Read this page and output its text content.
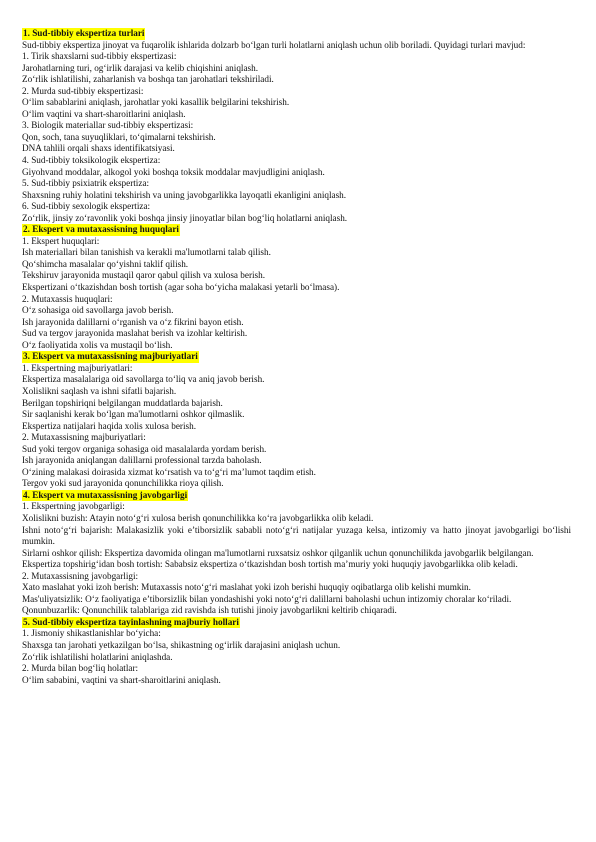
1. Sud-tibbiy ekspertiza turlari
Sud-tibbiy ekspertiza jinoyat va fuqarolik ishlarida dolzarb bo‘lgan turli holatlarni aniqlash uchun olib boriladi. Quyidagi turlari mavjud:
1. Tirik shaxslarni sud-tibbiy ekspertizasi:
Jarohatlarning turi, og‘irlik darajasi va kelib chiqishini aniqlash.
Zo‘rlik ishlatilishi, zaharlanish va boshqa tan jarohatlari tekshiriladi.
2. Murda sud-tibbiy ekspertizasi:
O‘lim sabablarini aniqlash, jarohatlar yoki kasallik belgilarini tekshirish.
O‘lim vaqtini va shart-sharoitlarini aniqlash.
3. Biologik materiallar sud-tibbiy ekspertizasi:
Qon, soch, tana suyuqliklari, to‘qimalarni tekshirish.
DNA tahlili orqali shaxs identifikatsiyasi.
4. Sud-tibbiy toksikologik ekspertiza:
Giyohvand moddalar, alkogol yoki boshqa toksik moddalar mavjudligini aniqlash.
5. Sud-tibbiy psixiatrik ekspertiza:
Shaxsning ruhiy holatini tekshirish va uning javobgarlikka layoqatli ekanligini aniqlash.
6. Sud-tibbiy sexologik ekspertiza:
Zo‘rlik, jinsiy zo‘ravonlik yoki boshqa jinsiy jinoyatlar bilan bog‘liq holatlarni aniqlash.
2. Ekspert va mutaxassisning huquqlari
1. Ekspert huquqlari:
Ish materiallari bilan tanishish va kerakli ma'lumotlarni talab qilish.
Qo‘shimcha masalalar qo‘yishni taklif qilish.
Tekshiruv jarayonida mustaqil qaror qabul qilish va xulosa berish.
Ekspertizani o‘tkazishdan bosh tortish (agar soha bo‘yicha malakasi yetarli bo‘lmasa).
2. Mutaxassis huquqlari:
O‘z sohasiga oid savollarga javob berish.
Ish jarayonida dalillarni o‘rganish va o‘z fikrini bayon etish.
Sud va tergov jarayonida maslahat berish va izohlar keltirish.
O‘z faoliyatida xolis va mustaqil bo‘lish.
3. Ekspert va mutaxassisning majburiyatlari
1. Ekspertning majburiyatlari:
Ekspertiza masalalariga oid savollarga to‘liq va aniq javob berish.
Xolislikni saqlash va ishni sifatli bajarish.
Berilgan topshiriqni belgilangan muddatlarda bajarish.
Sir saqlanishi kerak bo‘lgan ma'lumotlarni oshkor qilmaslik.
Ekspertiza natijalari haqida xolis xulosa berish.
2. Mutaxassisning majburiyatlari:
Sud yoki tergov organiga sohasiga oid masalalarda yordam berish.
Ish jarayonida aniqlangan dalillarni professional tarzda baholash.
O‘zining malakasi doirasida xizmat ko‘rsatish va to‘g‘ri ma’lumot taqdim etish.
Tergov yoki sud jarayonida qonunchilikka rioya qilish.
4. Ekspert va mutaxassisning javobgarligi
1. Ekspertning javobgarligi:
Xolislikni buzish: Atayin noto‘g‘ri xulosa berish qonunchilikka ko‘ra javobgarlikka olib keladi.
Ishni noto‘g‘ri bajarish: Malakasizlik yoki e’tiborsizlik sababli noto‘g‘ri natijalar yuzaga kelsa, intizomiy va hatto jinoyat javobgarligi bo‘lishi mumkin.
Sirlarni oshkor qilish: Ekspertiza davomida olingan ma'lumotlarni ruxsatsiz oshkor qilganlik uchun qonunchilikda javobgarlik belgilangan.
Ekspertiza topshirig‘idan bosh tortish: Sababsiz ekspertiza o‘tkazishdan bosh tortish ma’muriy yoki huquqiy javobgarlikka olib keladi.
2. Mutaxassisning javobgarligi:
Xato maslahat yoki izoh berish: Mutaxassis noto‘g‘ri maslahat yoki izoh berishi huquqiy oqibatlarga olib kelishi mumkin.
Mas'uliyatsizlik: O‘z faoliyatiga e’tiborsizlik bilan yondashishi yoki noto‘g‘ri dalillarni baholashi uchun intizomiy choralar ko‘riladi.
Qonunbuzarlik: Qonunchilik talablariga zid ravishda ish tutishi jinoiy javobgarlikni keltirib chiqaradi.
5. Sud-tibbiy ekspertiza tayinlashning majburiy hollari
1. Jismoniy shikastlanishlar bo‘yicha:
Shaxsga tan jarohati yetkazilgan bo‘lsa, shikastning og‘irlik darajasini aniqlash uchun.
Zo‘rlik ishlatilishi holatlarini aniqlashda.
2. Murda bilan bog‘liq holatlar:
O‘lim sababini, vaqtini va shart-sharoitlarini aniqlash.
